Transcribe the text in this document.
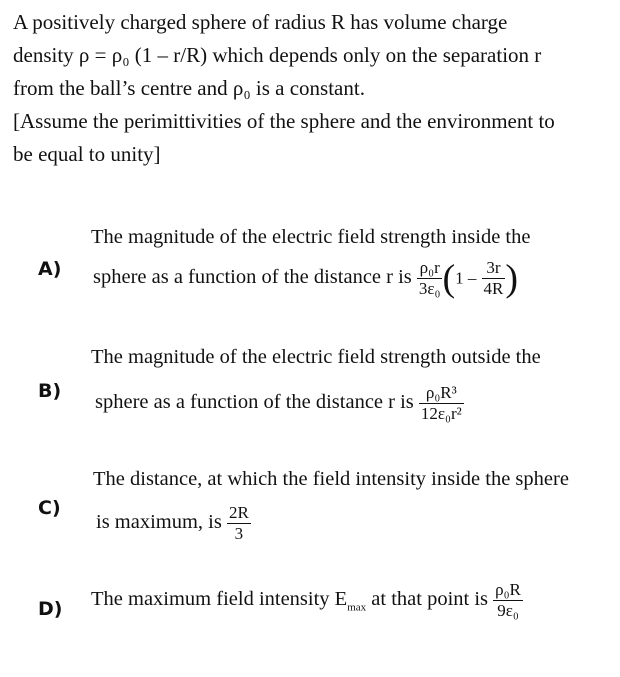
A positively charged sphere of radius R has volume charge

density ρ = ρ₀ (1 – r/R) which depends only on the separation r

from the ball’s centre and ρ₀ is a constant.

[Assume the perimittivities of the sphere and the environment to

be equal to unity]

A)
The magnitude of the electric field strength inside the
sphere as a function of the distance r is $\frac{\text{ρ₀r}}{\text{3ε₀}} (1 - \frac{3r}{4R}$ )
B)
The magnitude of the electric field strength outside the
sphere as a function of the distance r is $\frac{\text{ρ₀R³}}{\text{12ε₀r²}}$
C)
The distance, at which the field intensity inside the sphere
is maximum, is $\frac{2R}{3}$
D) The maximum field intensity $E_{max}$ at that point is $\frac{\text{ρ₀R}}{\text{9ε₀}}$
